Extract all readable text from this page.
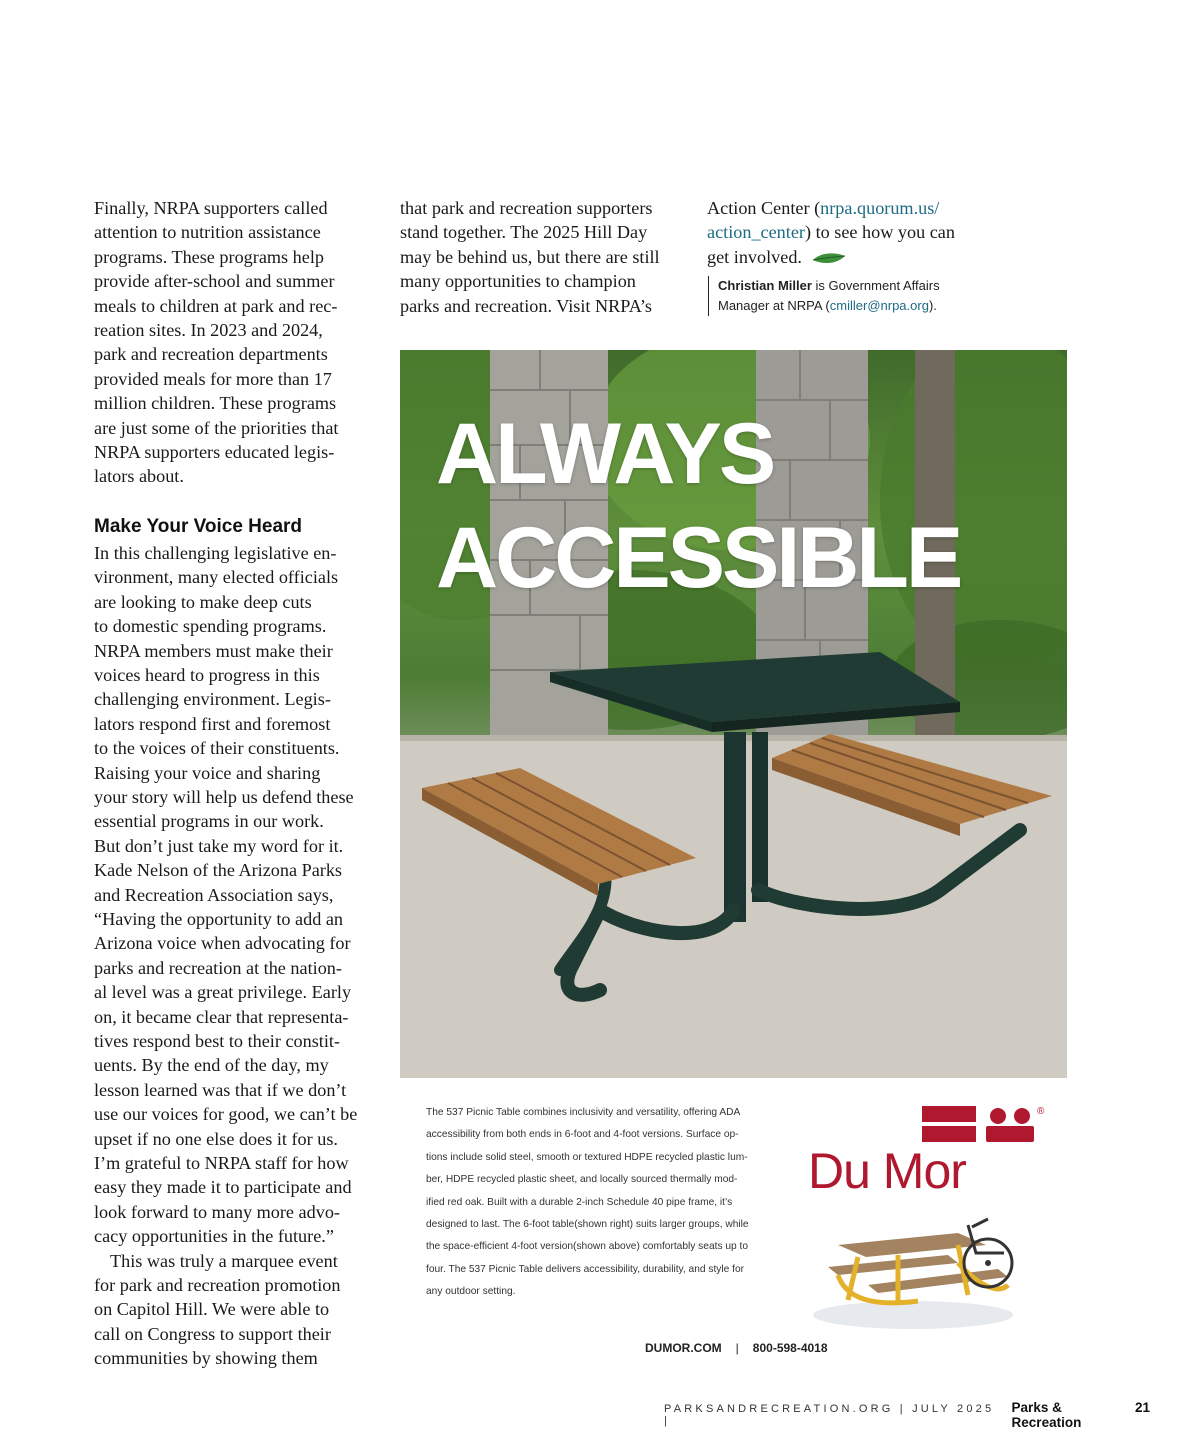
Finally, NRPA supporters called
attention to nutrition assistance
programs. These programs help
provide after-school and summer
meals to children at park and rec-
reation sites. In 2023 and 2024,
park and recreation departments
provided meals for more than 17
million children. These programs
are just some of the priorities that
NRPA supporters educated legis-
lators about.

Make Your Voice Heard

In this challenging legislative en-
vironment, many elected officials
are looking to make deep cuts
to domestic spending programs.
NRPA members must make their
voices heard to progress in this
challenging environment. Legis-
lators respond first and foremost
to the voices of their constituents.
Raising your voice and sharing
your story will help us defend these
essential programs in our work.
But don’t just take my word for it.
Kade Nelson of the Arizona Parks
and Recreation Association says,
“Having the opportunity to add an
Arizona voice when advocating for
parks and recreation at the nation-
al level was a great privilege. Early
on, it became clear that representa-
tives respond best to their constit-
uents. By the end of the day, my
lesson learned was that if we don’t
use our voices for good, we can’t be
upset if no one else does it for us.
I’m grateful to NRPA staff for how
easy they made it to participate and
look forward to many more advo-
cacy opportunities in the future.”

This was truly a marquee event
for park and recreation promotion
on Capitol Hill. We were able to
call on Congress to support their
communities by showing them

that park and recreation supporters
stand together. The 2025 Hill Day
may be behind us, but there are still
many opportunities to champion
parks and recreation. Visit NRPA’s

Action Center (nrpa.quorum.us/
action_center) to see how you can
get involved.

Christian Miller is Government Affairs
Manager at NRPA (cmiller@nrpa.org).
ALWAYS
ACCESSIBLE
The 537 Picnic Table combines inclusivity and versatility, offering ADA
accessibility from both ends in 6-foot and 4-foot versions. Surface op-
tions include solid steel, smooth or textured HDPE recycled plastic lum-
ber, HDPE recycled plastic sheet, and locally sourced thermally mod-
ified red oak. Built with a durable 2-inch Schedule 40 pipe frame, it’s
designed to last. The 6-foot table(shown right) suits larger groups, while
the space-efficient 4-foot version(shown above) comfortably seats up to
four. The 537 Picnic Table delivers accessibility, durability, and style for
any outdoor setting.
®
Du Mor
DUMOR.COM | 800-598-4018
PARKSANDRECREATION.ORG | JULY 2025 |
Parks & Recreation
21
